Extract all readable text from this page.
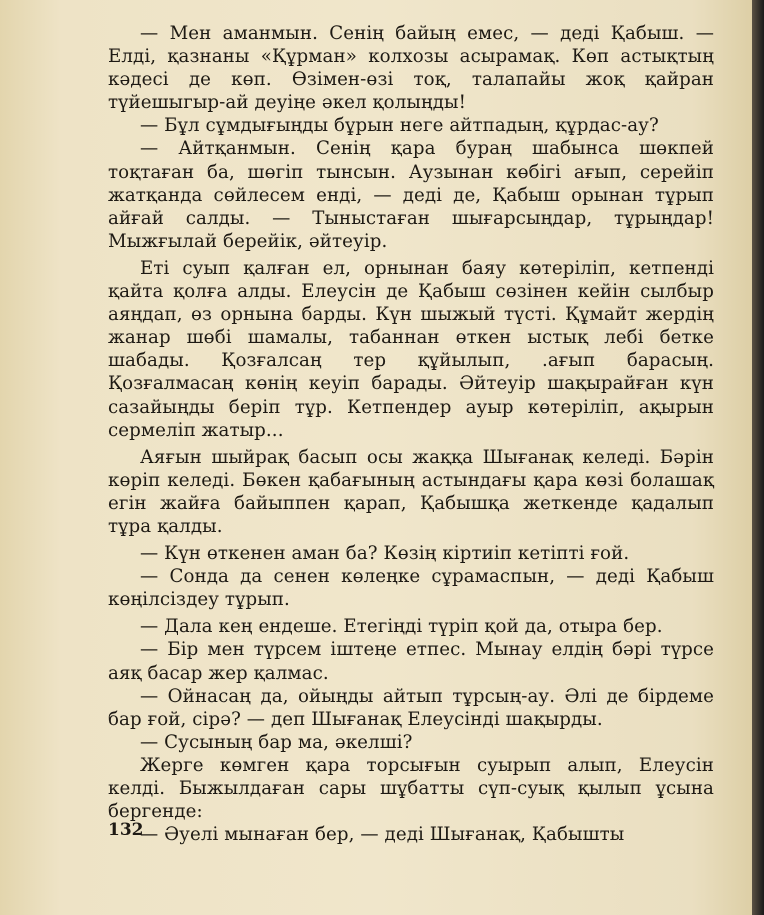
— Мен аманмын. Сенің байың емес, — деді Қабыш. — Елді, қазнаны «Құрман» колхозы асырамақ. Көп астықтың кәдесі де көп. Өзімен-өзі тоқ, талапайы жоқ қайран түйешыгыр-ай деуіңе әкел қолыңды!

— Бұл сұмдығыңды бұрын неге айтпадың, құрдас-ау?

— Айтқанмын. Сенің қара бураң шабынса шөкпей тоқтаған ба, шөгіп тынсын. Аузынан көбігі ағып, серейіп жатқанда сөйлесем енді, — деді де, Қабыш орынан тұрып айғай салды. — Тыныстаған шығарсыңдар, тұрыңдар! Мыжғылай берейік, әйтеуір.

Еті суып қалған ел, орнынан баяу көтеріліп, кетпенді қайта қолға алды. Елеусін де Қабыш сөзінен кейін сылбыр аяңдап, өз орнына барды. Күн шыжый түсті. Құмайт жердің жанар шөбі шамалы, табаннан өткен ыстық лебі бетке шабады. Қозғалсаң тер құйылып, .ағып барасың. Қозғалмасаң көнің кеуіп барады. Әйтеуір шақырайған күн сазайыңды беріп тұр. Кетпендер ауыр көтеріліп, ақырын сермеліп жатыр...

Аяғын шыйрақ басып осы жаққа Шығанақ келеді. Бәрін көріп келеді. Бөкен қабағының астындағы қара көзі болашақ егін жайға байыппен қарап, Қабышқа жеткенде қадалып тұра қалды.

— Күн өткенен аман ба? Көзің кіртиіп кетіпті ғой.

— Сонда да сенен көлеңке сұрамаспын, — деді Қабыш көңілсіздеу тұрып.

— Дала кең ендеше. Етегіңді түріп қой да, отыра бер.

— Бір мен түрсем іштеңе етпес. Мынау елдің бәрі түрсе аяқ басар жер қалмас.

— Ойнасаң да, ойыңды айтып тұрсың-ау. Әлі де бірдеме бар ғой, сірә? — деп Шығанақ Елеусінді шақырды.

— Сусының бар ма, әкелші?

Жерге көмген қара торсығын суырып алып, Елеусін келді. Быжылдаған сары шұбатты сүп-суық қылып ұсына бергенде:

— Әуелі мынаған бер, — деді Шығанақ, Қабышты

132
